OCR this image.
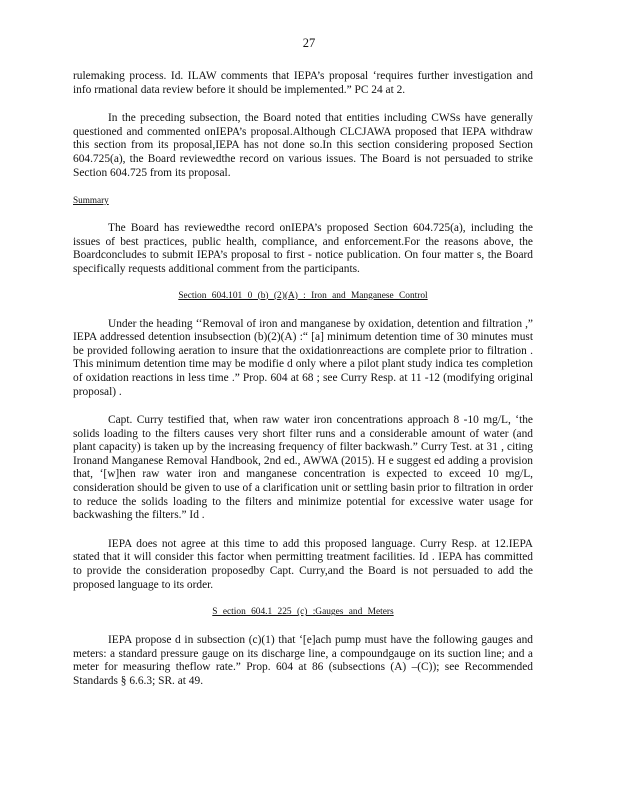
27

rulemaking process. Id. ILAW comments that IEPA’s proposal ‘requires further investigation and info rmational data review before it should be implemented.” PC 24 at 2.

In the preceding subsection, the Board noted that entities including CWSs have generally questioned and commented onIEPA’s proposal.Although CLCJAWA proposed that IEPA withdraw this section from its proposal,IEPA has not done so.In this section considering proposed Section 604.725(a), the Board reviewedthe record on various issues. The Board is not persuaded to strike Section 604.725 from its proposal.

Summary

The Board has reviewedthe record onIEPA’s proposed Section 604.725(a), including the issues of best practices, public health, compliance, and enforcement.For the reasons above, the Boardconcludes to submit IEPA’s proposal to first - notice publication. On four matter s, the Board specifically requests additional comment from the participants.

Section 604.101 0 (b) (2)(A) : Iron and Manganese Control

Under the heading ‘‘Removal of iron and manganese by oxidation, detention and filtration ,” IEPA addressed detention insubsection (b)(2)(A) :“ [a] minimum detention time of 30 minutes must be provided following aeration to insure that the oxidationreactions are complete prior to filtration . This minimum detention time may be modifie d only where a pilot plant study indica tes completion of oxidation reactions in less time .” Prop. 604 at 68 ; see Curry Resp. at 11 -12 (modifying original proposal) .

Capt. Curry testified that, when raw water iron concentrations approach 8 -10 mg/L, ‘the solids loading to the filters causes very short filter runs and a considerable amount of water (and plant capacity) is taken up by the increasing frequency of filter backwash.” Curry Test. at 31 , citing Ironand Manganese Removal Handbook, 2nd ed., AWWA (2015). H e suggest ed adding a provision that, ‘[w]hen raw water iron and manganese concentration is expected to exceed 10 mg/L, consideration should be given to use of a clarification unit or settling basin prior to filtration in order to reduce the solids loading to the filters and minimize potential for excessive water usage for backwashing the filters.” Id .

IEPA does not agree at this time to add this proposed language. Curry Resp. at 12.IEPA stated that it will consider this factor when permitting treatment facilities. Id . IEPA has committed to provide the consideration proposedby Capt. Curry,and the Board is not persuaded to add the proposed language to its order.

S ection 604.1 225 (c) :Gauges and Meters

IEPA propose d in subsection (c)(1) that ‘[e]ach pump must have the following gauges and meters: a standard pressure gauge on its discharge line, a compoundgauge on its suction line; and a meter for measuring theflow rate.” Prop. 604 at 86 (subsections (A) –(C)); see Recommended Standards § 6.6.3; SR. at 49.
